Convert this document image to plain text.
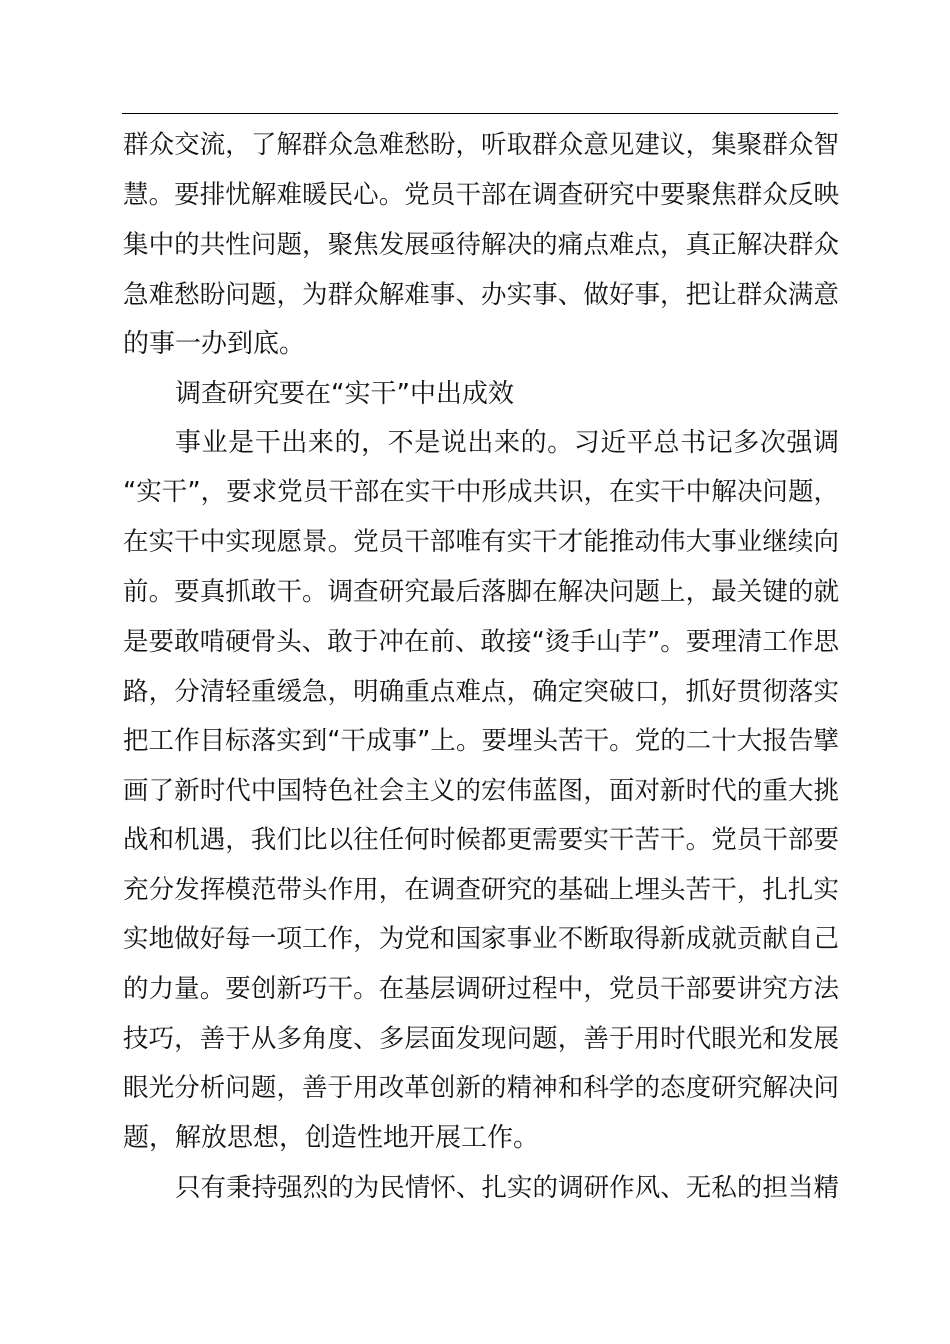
群众交流，了解群众急难愁盼，听取群众意见建议，集聚群众智
慧。要排忧解难暖民心。党员干部在调查研究中要聚焦群众反映
集中的共性问题，聚焦发展亟待解决的痛点难点，真正解决群众
急难愁盼问题，为群众解难事、办实事、做好事，把让群众满意
的事一办到底。
调查研究要在“实干”中出成效
事业是干出来的，不是说出来的。习近平总书记多次强调
“实干”，要求党员干部在实干中形成共识，在实干中解决问题，
在实干中实现愿景。党员干部唯有实干才能推动伟大事业继续向
前。要真抓敢干。调查研究最后落脚在解决问题上，最关键的就
是要敢啃硬骨头、敢于冲在前、敢接“烫手山芋”。要理清工作思
路，分清轻重缓急，明确重点难点，确定突破口，抓好贯彻落实
把工作目标落实到“干成事”上。要埋头苦干。党的二十大报告擘
画了新时代中国特色社会主义的宏伟蓝图，面对新时代的重大挑
战和机遇，我们比以往任何时候都更需要实干苦干。党员干部要
充分发挥模范带头作用，在调查研究的基础上埋头苦干，扎扎实
实地做好每一项工作，为党和国家事业不断取得新成就贡献自己
的力量。要创新巧干。在基层调研过程中，党员干部要讲究方法
技巧，善于从多角度、多层面发现问题，善于用时代眼光和发展
眼光分析问题，善于用改革创新的精神和科学的态度研究解决问
题，解放思想，创造性地开展工作。
只有秉持强烈的为民情怀、扎实的调研作风、无私的担当精
